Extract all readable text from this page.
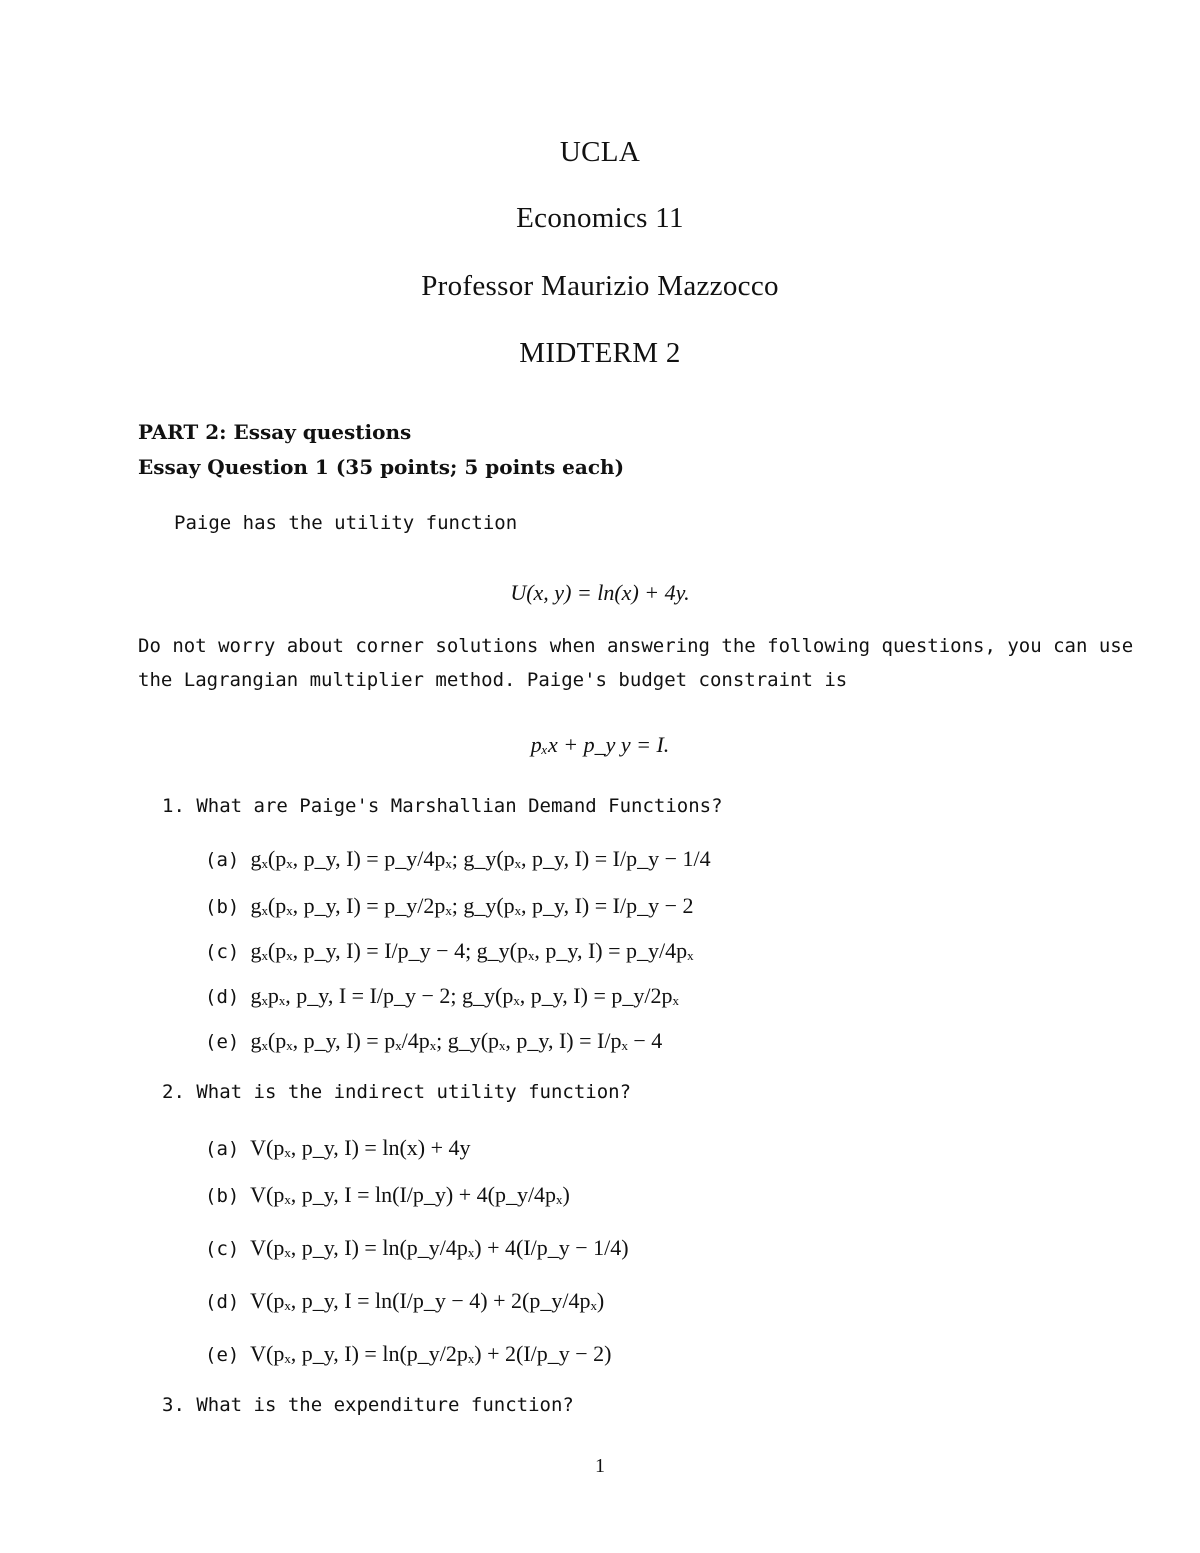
UCLA
Economics 11
Professor Maurizio Mazzocco
MIDTERM 2
PART 2: Essay questions
Essay Question 1 (35 points; 5 points each)
Paige has the utility function
U(x, y) = ln(x) + 4y.
Do not worry about corner solutions when answering the following questions, you can use
the Lagrangian multiplier method. Paige's budget constraint is
pₓx + p_y y = I.
1. What are Paige's Marshallian Demand Functions?
(a) gₓ(pₓ, p_y, I) = p_y/4pₓ; g_y(pₓ, p_y, I) = I/p_y − 1/4
(b) gₓ(pₓ, p_y, I) = p_y/2pₓ; g_y(pₓ, p_y, I) = I/p_y − 2
(c) gₓ(pₓ, p_y, I) = I/p_y − 4; g_y(pₓ, p_y, I) = p_y/4pₓ
(d) gₓpₓ, p_y, I = I/p_y − 2; g_y(pₓ, p_y, I) = p_y/2pₓ
(e) gₓ(pₓ, p_y, I) = pₓ/4pₓ; g_y(pₓ, p_y, I) = I/pₓ − 4
2. What is the indirect utility function?
(a) V(pₓ, p_y, I) = ln(x) + 4y
(b) V(pₓ, p_y, I = ln(I/p_y) + 4(p_y/4pₓ)
(c) V(pₓ, p_y, I) = ln(p_y/4pₓ) + 4(I/p_y − 1/4)
(d) V(pₓ, p_y, I = ln(I/p_y − 4) + 2(p_y/4pₓ)
(e) V(pₓ, p_y, I) = ln(p_y/2pₓ) + 2(I/p_y − 2)
3. What is the expenditure function?
1
